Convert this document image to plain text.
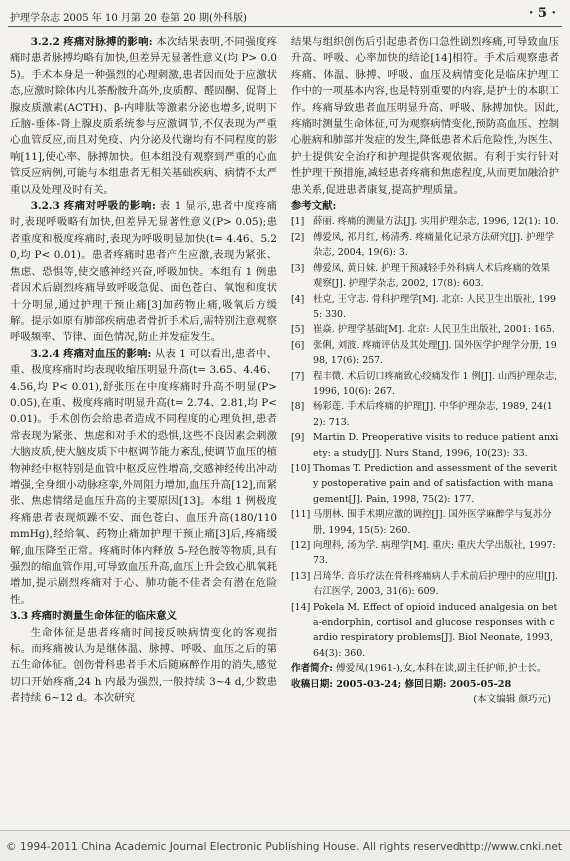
护理学杂志 2005 年 10 月第 20 卷第 20 期(外科版)	· 5 ·

3.2.2 疼痛对脉搏的影响: 本次结果表明,不同强度疼痛时患者脉搏均略有加快,但差异无显著性意义(均 P> 0.05)。手术本身是一种强烈的心理刺激,患者因而处于应激状态,应激时除体内儿茶酚胺升高外,皮质醇、醛固酮、促肾上腺皮质激素(ACTH)、β-内啡肽等激素分泌也增多,说明下丘脑-垂体-肾上腺皮质系统参与应激调节,不仅表现为严重心血管反应,而且对免疫、内分泌及代谢均有不同程度的影响[11],使心率、脉搏加快。但本组没有观察到严重的心血管反应病例,可能与本组患者无相关基础疾病、病情不太严重以及处理及时有关。

3.2.3 疼痛对呼吸的影响: 表 1 显示,患者中度疼痛时,表现呼吸略有加快,但差异无显著性意义(P> 0.05);患者重度和极度疼痛时,表现为呼吸明显加快(t= 4.46、5.20,均 P< 0.01)。患者疼痛时患者产生应激,表现为紧张、焦虑、恐惧等,使交感神经兴奋,呼吸加快。本组有 1 例患者因术后剧烈疼痛导致呼吸急促、面色苍白、氧饱和度状十分明显,通过护理干预止痛[3]加药物止痛,吸氧后方缓解。提示如原有肺部疾病患者骨折手术后,需特别注意观察呼吸频率、节律、面色情况,防止并发症发生。

3.2.4 疼痛对血压的影响: 从表 1 可以看出,患者中、重、极度疼痛时均表现收缩压明显升高(t= 3.65、4.46、4.56,均 P< 0.01),舒张压在中度疼痛时升高不明显(P> 0.05),在重、极度疼痛时明显升高(t= 2.74、2.81,均 P< 0.01)。手术创伤会给患者造成不同程度的心理负担,患者常表现为紧张、焦虑和对手术的恐惧,这些不良因素会刺激大脑皮质,使大脑皮质下中枢调节能力紊乱,使调节血压的植物神经中枢特别是血管中枢反应性增高,交感神经传出冲动增强,全身细小动脉痉挛,外周阻力增加,血压升高[12],而紧张、焦虑情绪是血压升高的主要原因[13]。本组 1 例极度疼痛患者表现烦躁不安、面色苍白、血压升高(180/110 mmHg),经给氧、药物止痛加护理干预止痛[3]后,疼痛缓解,血压降至正常。疼痛时体内释放 5-羟色胺等物质,具有强烈的缩血管作用,可导致血压升高,血压上升会致心肌氧耗增加,提示剧烈疼痛对于心、肺功能不佳者会有潜在危险性。

3.3 疼痛时测量生命体征的临床意义

生命体征是患者疼痛时间接反映病情变化的客观指标。而疼痛被认为是继体温、脉搏、呼吸、血压之后的第五生命体征。创伤骨科患者手术后随麻醉作用的消失,感觉切口开始疼痛,24 h 内最为强烈,一般持续 3~4 d,少数患者持续 6~12 d。本次研究

结果与组织创伤后引起患者伤口急性剧烈疼痛,可导致血压升高、呼吸、心率加快的结论[14]相符。手术后观察患者疼痛、体温、脉搏、呼吸、血压及病情变化是临床护理工作中的一项基本内容,也是特别重要的内容,是护士的本职工作。疼痛导致患者血压明显升高、呼吸、脉搏加快。因此,疼痛时测量生命体征,可为观察病情变化,预防高血压、控制心脏病和肺部并发症的发生,降低患者术后危险性,为医生、护士提供安全治疗和护理提供客观依据。有利于实行针对性护理干预措施,减轻患者疼痛和焦虑程度,从而更加融洽护患关系,促进患者康复,提高护理质量。

参考文献:

[1] 薛丽. 疼痛的测量方法[J]. 实用护理杂志, 1996, 12(1): 10.
[2] 傅爱凤, 祁月红, 杨清秀. 疼痛量化记录方法研究[J]. 护理学杂志, 2004, 19(6): 3.
[3] 傅爱凤, 黄日妹. 护理干预减轻手外科病人术后疼痛的效果观察[J]. 护理学杂志, 2002, 17(8): 603.
[4] 杜克, 王守志. 骨科护理学[M]. 北京: 人民卫生出版社, 1995: 330.
[5] 崔焱. 护理学基础[M]. 北京: 人民卫生出版社, 2001: 165.
[6] 张俐, 刘波. 疼痛评估及其处理[J]. 国外医学护理学分册, 1998, 17(6): 257.
[7] 程丰微. 术后切口疼痛致心绞痛发作 1 例[J]. 山西护理杂志, 1996, 10(6): 267.
[8] 杨彩莲. 手术后疼痛的护理[J]. 中华护理杂志, 1989, 24(12): 713.
[9] Martin D. Preoperative visits to reduce patient anxiety: a study[J]. Nurs Stand, 1996, 10(23): 33.
[10] Thomas T. Prediction and assessment of the severity postoperative pain and of satisfaction with management[J]. Pain, 1998, 75(2): 177.
[11] 马朋林. 围手术期应激的调控[J]. 国外医学麻醉学与复苏分册, 1994, 15(5): 260.
[12] 向理科, 汤为学. 病理学[M]. 重庆: 重庆大学出版社, 1997: 73.
[13] 吕琦华. 音乐疗法在骨科疼痛病人手术前后护理中的应用[J]. 右江医学, 2003, 31(6): 609.
[14] Pokela M. Effect of opioid induced analgesia on beta-endorphin, cortisol and glucose responses with cardio respiratory problems[J]. Biol Neonate, 1993, 64(3): 360.

作者简介: 傅爱凤(1961-),女,本科在读,副主任护师,护士长。

收稿日期: 2005-03-24; 修回日期: 2005-05-28

(本文编辑 颜巧元)

© 1994-2011 China Academic Journal Electronic Publishing House. All rights reserved.
http://www.cnki.net
